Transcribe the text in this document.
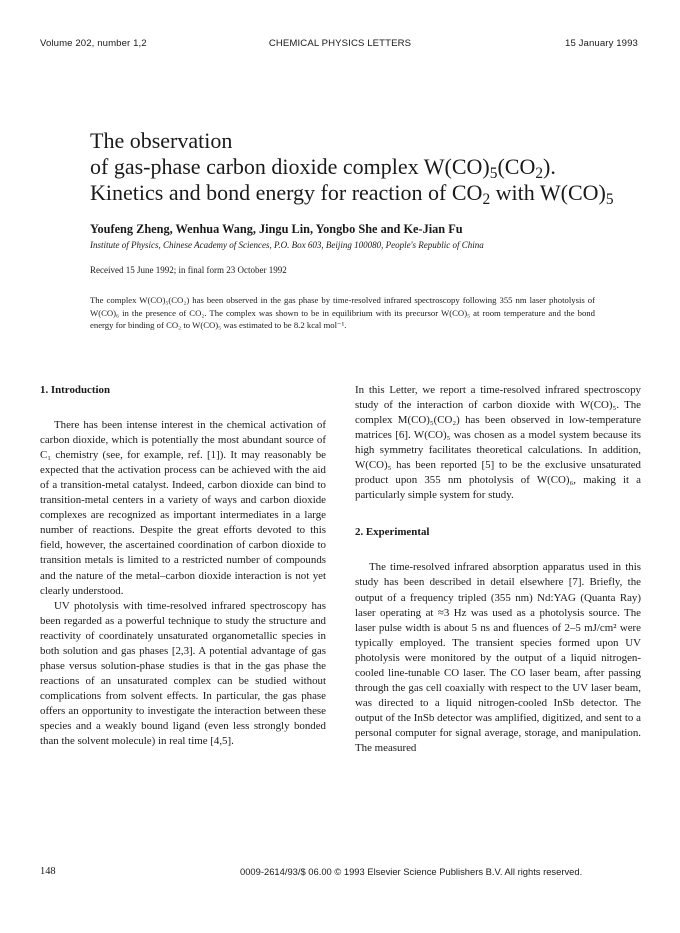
Volume 202, number 1,2	CHEMICAL PHYSICS LETTERS	15 January 1993
The observation
of gas-phase carbon dioxide complex $W(CO)_5(CO_2)$.
Kinetics and bond energy for reaction of $CO_2$ with $W(CO)_5$
Youfeng Zheng, Wenhua Wang, Jingu Lin, Yongbo She and Ke-Jian Fu
Institute of Physics, Chinese Academy of Sciences, P.O. Box 603, Beijing 100080, People's Republic of China
Received 15 June 1992; in final form 23 October 1992

The complex W(CO)₅(CO₂) has been observed in the gas phase by time-resolved infrared spectroscopy following 355 nm laser photolysis of W(CO)₆ in the presence of CO₂. The complex was shown to be in equilibrium with its precursor W(CO)₅ at room temperature and the bond energy for binding of CO₂ to W(CO)₅ was estimated to be 8.2 kcal mol⁻¹.

1. Introduction

There has been intense interest in the chemical activation of carbon dioxide, which is potentially the most abundant source of C₁ chemistry (see, for example, ref. [1]). It may reasonably be expected that the activation process can be achieved with the aid of a transition-metal catalyst. Indeed, carbon dioxide can bind to transition-metal centers in a variety of ways and carbon dioxide complexes are recognized as important intermediates in a large number of reactions. Despite the great efforts devoted to this field, however, the ascertained coordination of carbon dioxide to transition metals is limited to a restricted number of compounds and the nature of the metal–carbon dioxide interaction is not yet clearly understood.

UV photolysis with time-resolved infrared spectroscopy has been regarded as a powerful technique to study the structure and reactivity of coordinately unsaturated organometallic species in both solution and gas phases [2,3]. A potential advantage of gas phase versus solution-phase studies is that in the gas phase the reactions of an unsaturated complex can be studied without complications from solvent effects. In particular, the gas phase offers an opportunity to investigate the interaction between these species and a weakly bound ligand (even less strongly bonded than the solvent molecule) in real time [4,5].

In this Letter, we report a time-resolved infrared spectroscopy study of the interaction of carbon dioxide with W(CO)₅. The complex M(CO)₅(CO₂) has been observed in low-temperature matrices [6]. W(CO)₅ was chosen as a model system because its high symmetry facilitates theoretical calculations. In addition, W(CO)₅ has been reported [5] to be the exclusive unsaturated product upon 355 nm photolysis of W(CO)₆, making it a particularly simple system for study.

2. Experimental

The time-resolved infrared absorption apparatus used in this study has been described in detail elsewhere [7]. Briefly, the output of a frequency tripled (355 nm) Nd:YAG (Quanta Ray) laser operating at ≈3 Hz was used as a photolysis source. The laser pulse width is about 5 ns and fluences of 2–5 mJ/cm² were typically employed. The transient species formed upon UV photolysis were monitored by the output of a liquid nitrogen-cooled line-tunable CO laser. The CO laser beam, after passing through the gas cell coaxially with respect to the UV laser beam, was directed to a liquid nitrogen-cooled InSb detector. The output of the InSb detector was amplified, digitized, and sent to a personal computer for signal average, storage, and manipulation. The measured

148	0009-2614/93/$ 06.00 © 1993 Elsevier Science Publishers B.V. All rights reserved.
